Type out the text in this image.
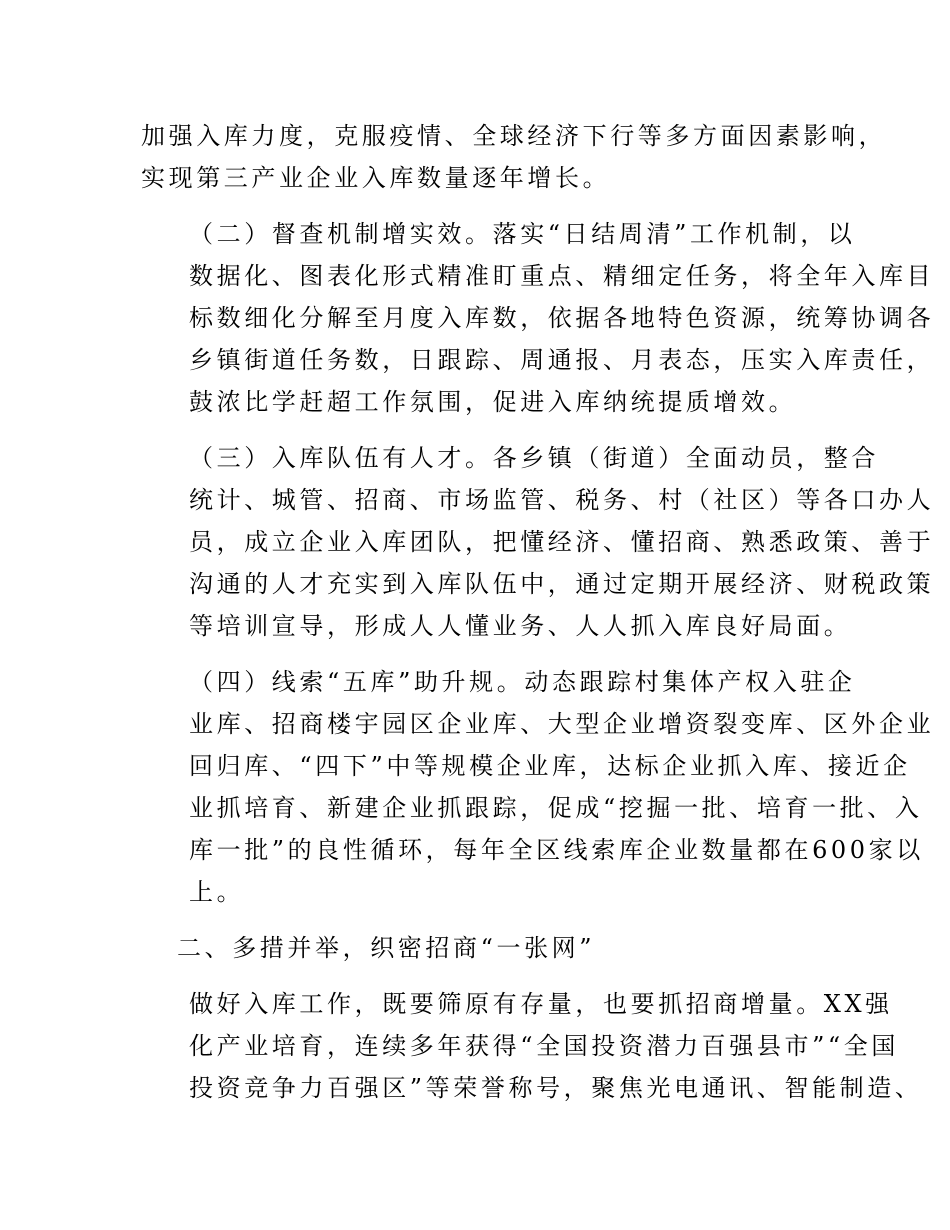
加强入库力度，克服疫情、全球经济下行等多方面因素影响，
实现第三产业企业入库数量逐年增长。

（二）督查机制增实效。落实“日结周清”工作机制，以
数据化、图表化形式精准盯重点、精细定任务，将全年入库目
标数细化分解至月度入库数，依据各地特色资源，统筹协调各
乡镇街道任务数，日跟踪、周通报、月表态，压实入库责任，
鼓浓比学赶超工作氛围，促进入库纳统提质增效。

（三）入库队伍有人才。各乡镇（街道）全面动员，整合
统计、城管、招商、市场监管、税务、村（社区）等各口办人
员，成立企业入库团队，把懂经济、懂招商、熟悉政策、善于
沟通的人才充实到入库队伍中，通过定期开展经济、财税政策
等培训宣导，形成人人懂业务、人人抓入库良好局面。

（四）线索“五库”助升规。动态跟踪村集体产权入驻企
业库、招商楼宇园区企业库、大型企业增资裂变库、区外企业
回归库、“四下”中等规模企业库，达标企业抓入库、接近企
业抓培育、新建企业抓跟踪，促成“挖掘一批、培育一批、入
库一批”的良性循环，每年全区线索库企业数量都在600家以
上。

二、多措并举，织密招商“一张网”

做好入库工作，既要筛原有存量，也要抓招商增量。XX强
化产业培育，连续多年获得“全国投资潜力百强县市”“全国
投资竞争力百强区”等荣誉称号，聚焦光电通讯、智能制造、
